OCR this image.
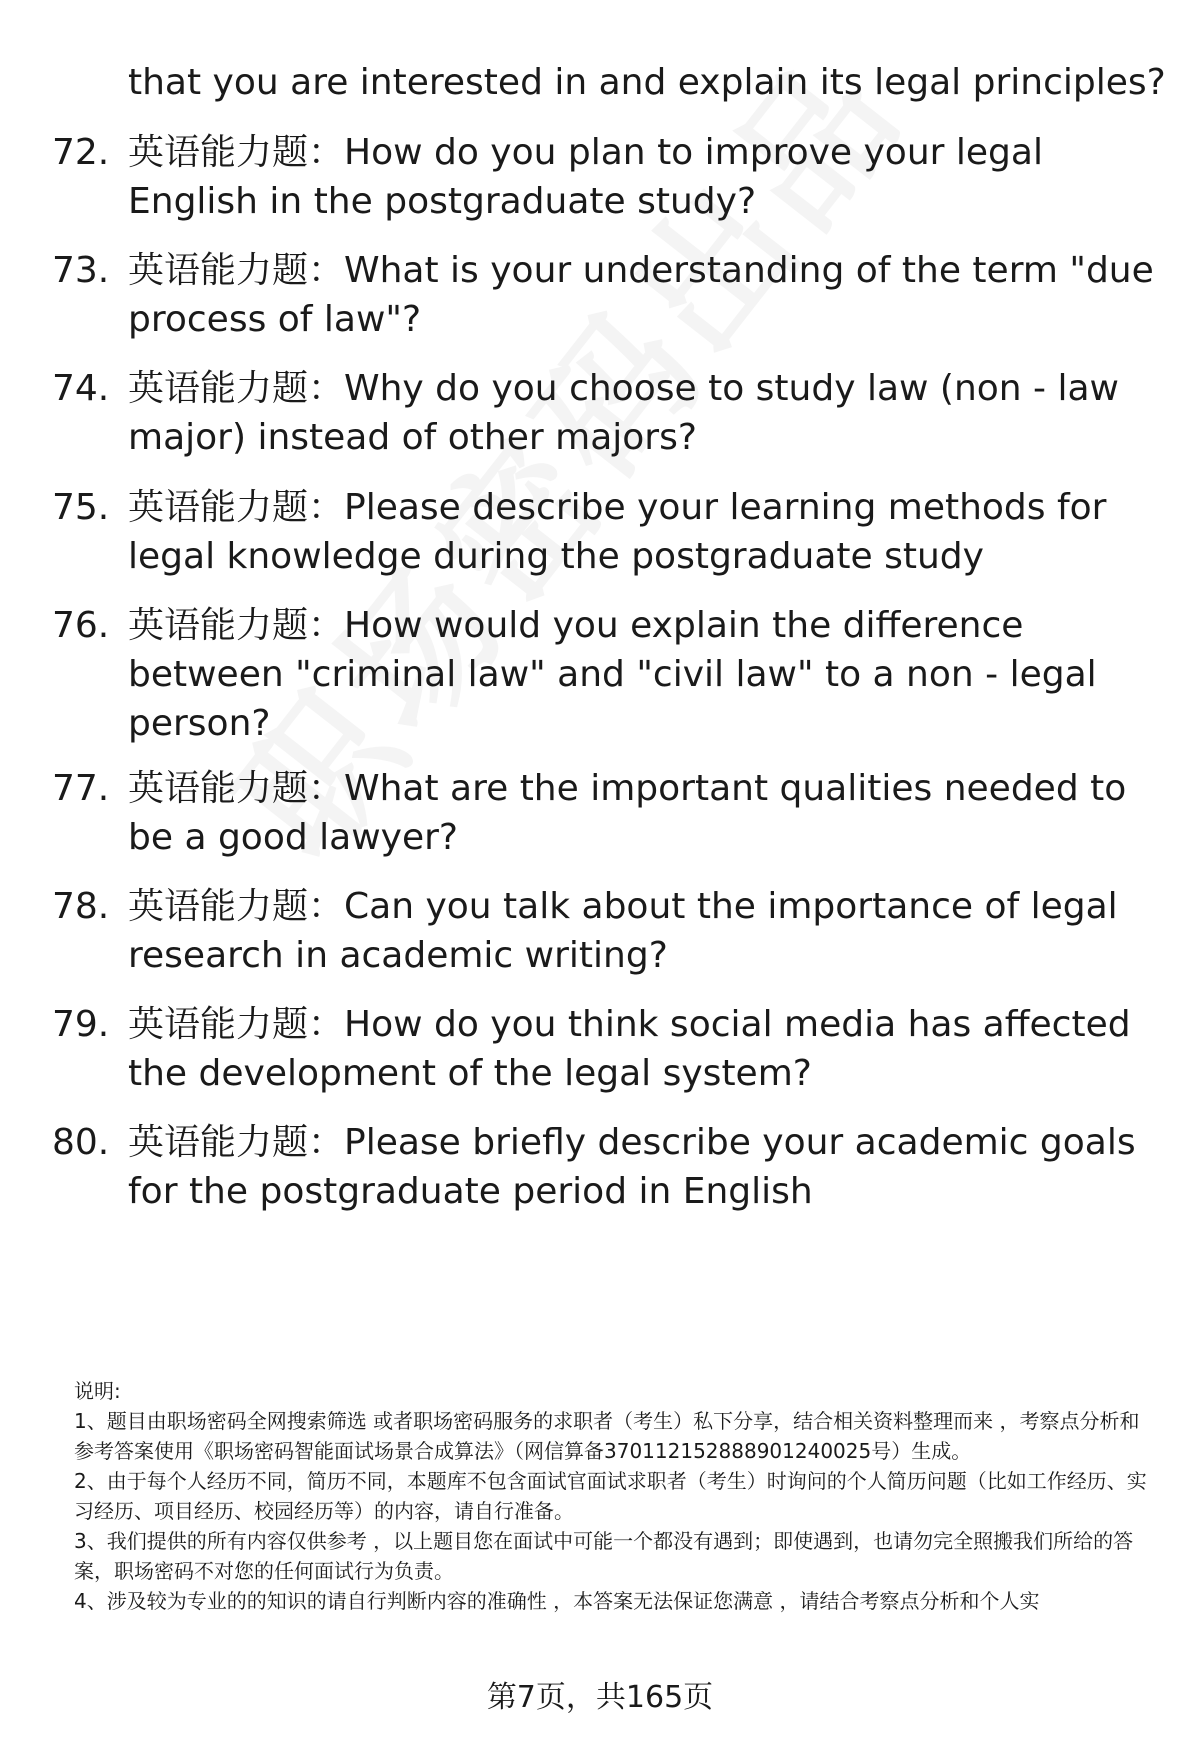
that you are interested in and explain its legal principles?
72. 英语能力题：How do you plan to improve your legal English in the postgraduate study?
73. 英语能力题：What is your understanding of the term "due process of law"?
74. 英语能力题：Why do you choose to study law (non - law major) instead of other majors?
75. 英语能力题：Please describe your learning methods for legal knowledge during the postgraduate study
76. 英语能力题：How would you explain the difference between "criminal law" and "civil law" to a non - legal person?
77. 英语能力题：What are the important qualities needed to be a good lawyer?
78. 英语能力题：Can you talk about the importance of legal research in academic writing?
79. 英语能力题：How do you think social media has affected the development of the legal system?
80. 英语能力题：Please briefly describe your academic goals for the postgraduate period in English
说明:
1、题目由职场密码全网搜索筛选 或者职场密码服务的求职者（考生）私下分享，结合相关资料整理而来 ，考察点分析和参考答案使用《职场密码智能面试场景合成算法》（网信算备370112152888901240025号）生成。
2、由于每个人经历不同，简历不同，本题库不包含面试官面试求职者（考生）时询问的个人简历问题（比如工作经历、实习经历、项目经历、校园经历等）的内容，请自行准备。
3、我们提供的所有内容仅供参考 ，以上题目您在面试中可能一个都没有遇到；即使遇到，也请勿完全照搬我们所给的答案，职场密码不对您的任何面试行为负责。
4、涉及较为专业的的知识的请自行判断内容的准确性 ，本答案无法保证您满意 ，请结合考察点分析和个人实
第7页，共165页
